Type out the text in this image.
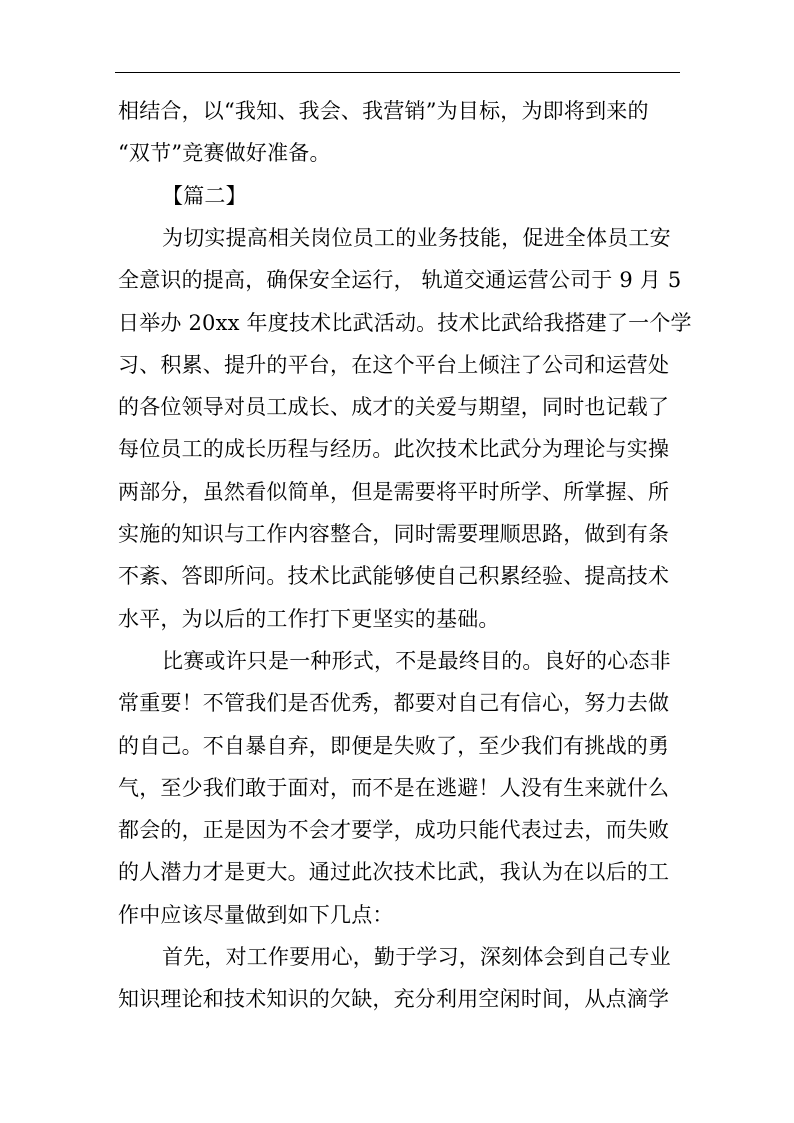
相结合，以“我知、我会、我营销”为目标，为即将到来的
“双节”竞赛做好准备。
【篇二】
为切实提高相关岗位员工的业务技能，促进全体员工安
全意识的提高，确保安全运行， 轨道交通运营公司于 9 月 5
日举办 20xx 年度技术比武活动。技术比武给我搭建了一个学
习、积累、提升的平台，在这个平台上倾注了公司和运营处
的各位领导对员工成长、成才的关爱与期望，同时也记载了
每位员工的成长历程与经历。此次技术比武分为理论与实操
两部分，虽然看似简单，但是需要将平时所学、所掌握、所
实施的知识与工作内容整合，同时需要理顺思路，做到有条
不紊、答即所问。技术比武能够使自己积累经验、提高技术
水平，为以后的工作打下更坚实的基础。
比赛或许只是一种形式，不是最终目的。良好的心态非
常重要！不管我们是否优秀，都要对自己有信心，努力去做
的自己。不自暴自弃，即便是失败了，至少我们有挑战的勇
气，至少我们敢于面对，而不是在逃避！人没有生来就什么
都会的，正是因为不会才要学，成功只能代表过去，而失败
的人潜力才是更大。通过此次技术比武，我认为在以后的工
作中应该尽量做到如下几点：
首先，对工作要用心，勤于学习，深刻体会到自己专业
知识理论和技术知识的欠缺，充分利用空闲时间，从点滴学
